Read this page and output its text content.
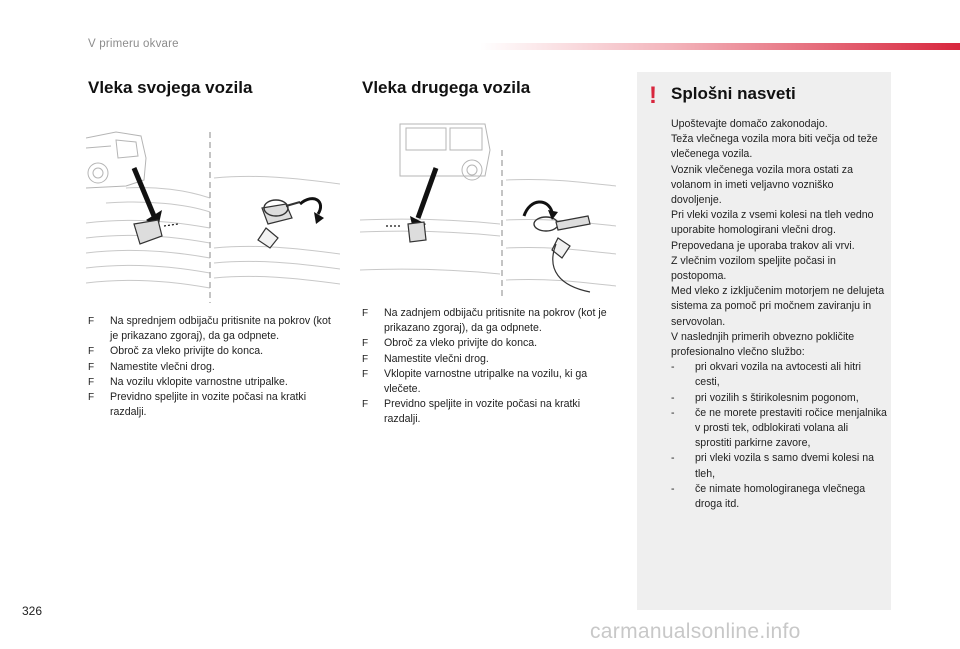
V primeru okvare
Vleka svojega vozila
F Na sprednjem odbijaču pritisnite na pokrov (kot je prikazano zgoraj), da ga odpnete.
F Obroč za vleko privijte do konca.
F Namestite vlečni drog.
F Na vozilu vklopite varnostne utripalke.
F Previdno speljite in vozite počasi na kratki razdalji.
Vleka drugega vozila
F Na zadnjem odbijaču pritisnite na pokrov (kot je prikazano zgoraj), da ga odpnete.
F Obroč za vleko privijte do konca.
F Namestite vlečni drog.
F Vklopite varnostne utripalke na vozilu, ki ga vlečete.
F Previdno speljite in vozite počasi na kratki razdalji.
! Splošni nasveti

Upoštevajte domačo zakonodajo.

Teža vlečnega vozila mora biti večja od teže vlečenega vozila.

Voznik vlečenega vozila mora ostati za volanom in imeti veljavno vozniško dovoljenje.

Pri vleki vozila z vsemi kolesi na tleh vedno uporabite homologirani vlečni drog. Prepovedana je uporaba trakov ali vrvi.

Z vlečnim vozilom speljite počasi in postopoma.

Med vleko z izključenim motorjem ne delujeta sistema za pomoč pri močnem zaviranju in servovolan.

V naslednjih primerih obvezno pokličite profesionalno vlečno službo:

- pri okvari vozila na avtocesti ali hitri cesti,
- pri vozilih s štirikolesnim pogonom,
- če ne morete prestaviti ročice menjalnika v prosti tek, odblokirati volana ali sprostiti parkirne zavore,
- pri vleki vozila s samo dvemi kolesi na tleh,
- če nimate homologiranega vlečnega droga itd.
326
carmanualsonline.info
